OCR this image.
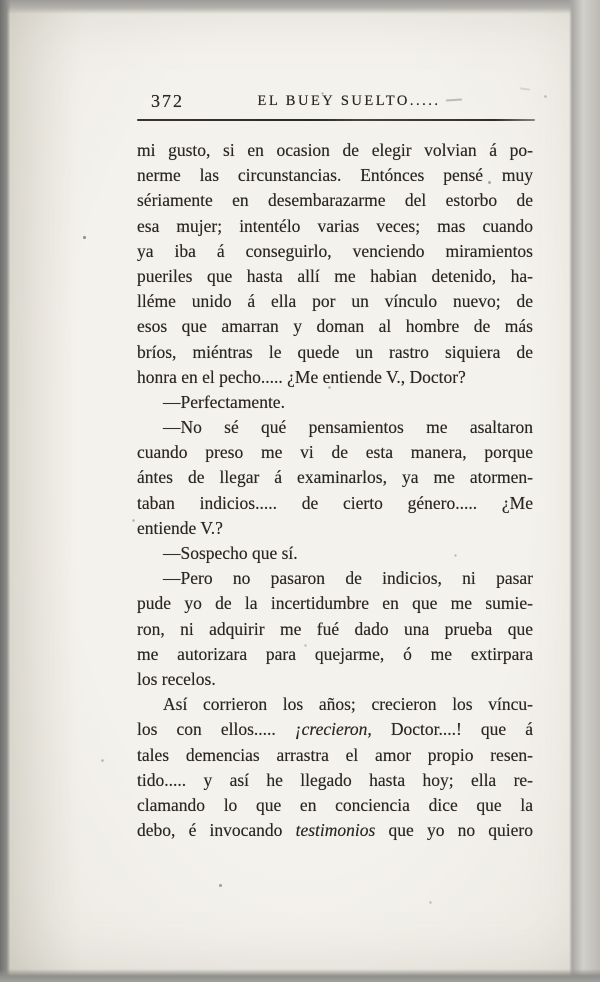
372	EL BUEY SUELTO.....
mi gusto, si en ocasion de elegir volvian á po-
nerme las circunstancias. Entónces pensé muy
sériamente en desembarazarme del estorbo de
esa mujer; intentélo varias veces; mas cuando
ya iba á conseguirlo, venciendo miramientos
pueriles que hasta allí me habian detenido, ha-
lléme unido á ella por un vínculo nuevo; de
esos que amarran y doman al hombre de más
bríos, miéntras le quede un rastro siquiera de
honra en el pecho..... ¿Me entiende V., Doctor?
—Perfectamente.
—No sé qué pensamientos me asaltaron
cuando preso me vi de esta manera, porque
ántes de llegar á examinarlos, ya me atormen-
taban indicios..... de cierto género..... ¿Me
entiende V.?
—Sospecho que sí.
—Pero no pasaron de indicios, ni pasar
pude yo de la incertidumbre en que me sumie-
ron, ni adquirir me fué dado una prueba que
me autorizara para quejarme, ó me extirpara
los recelos.
Así corrieron los años; crecieron los víncu-
los con ellos..... ¡crecieron, Doctor....! que á
tales demencias arrastra el amor propio resen-
tido..... y así he llegado hasta hoy; ella re-
clamando lo que en conciencia dice que la
debo, é invocando testimonios que yo no quiero
